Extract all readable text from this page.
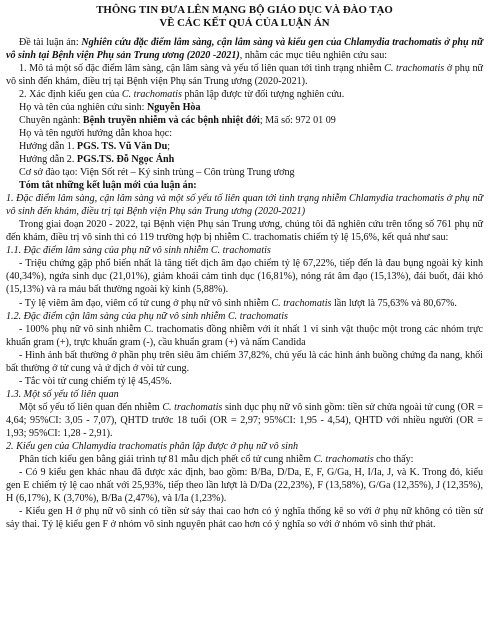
THÔNG TIN ĐƯA LÊN MẠNG BỘ GIÁO DỤC VÀ ĐÀO TẠO

VỀ CÁC KẾT QUẢ CỦA LUẬN ÁN

Đề tài luận án: Nghiên cứu đặc điểm lâm sàng, cận lâm sàng và kiểu gen của Chlamydia trachomatis ở phụ nữ vô sinh tại Bệnh viện Phụ sản Trung ương (2020 -2021), nhằm các mục tiêu nghiên cứu sau:

1. Mô tả một số đặc điểm lâm sàng, cận lâm sàng và yếu tố liên quan tới tình trạng nhiễm C. trachomatis ở phụ nữ vô sinh đến khám, điều trị tại Bệnh viện Phụ sản Trung ương (2020-2021).

2. Xác định kiểu gen của C. trachomatis phân lập được từ đối tượng nghiên cứu.

Họ và tên của nghiên cứu sinh: Nguyễn Hòa

Chuyên ngành: Bệnh truyền nhiễm và các bệnh nhiệt đới; Mã số: 972 01 09

Họ và tên người hướng dẫn khoa học:

Hướng dẫn 1. PGS. TS. Vũ Văn Du;

Hướng dẫn 2. PGS.TS. Đỗ Ngọc Ánh

Cơ sở đào tạo: Viện Sốt rét – Ký sinh trùng – Côn trùng Trung ương

Tóm tắt những kết luận mới của luận án:

1. Đặc điểm lâm sàng, cận lâm sàng và một số yếu tố liên quan tới tình trạng nhiễm Chlamydia trachomatis ở phụ nữ vô sinh đến khám, điều trị tại Bệnh viện Phụ sản Trung ương (2020-2021)

Trong giai đoạn 2020 - 2022, tại Bệnh viện Phụ sản Trung ương, chúng tôi đã nghiên cứu trên tổng số 761 phụ nữ đến khám, điều trị vô sinh thì có 119 trường hợp bị nhiễm C. trachomatis chiếm tỷ lệ 15,6%, kết quả như sau:

1.1. Đặc điểm lâm sàng của phụ nữ vô sinh nhiễm C. trachomatis

- Triệu chứng gặp phổ biến nhất là tăng tiết dịch âm đạo chiếm tỷ lệ 67,22%, tiếp đến là đau bụng ngoài kỳ kinh (40,34%), ngứa sinh dục (21,01%), giảm khoái cảm tình dục (16,81%), nóng rát âm đạo (15,13%), đái buốt, đái khó (15,13%) và ra máu bất thường ngoài kỳ kinh (5,88%).

- Tỷ lệ viêm âm đạo, viêm cổ tử cung ở phụ nữ vô sinh nhiễm C. trachomatis lần lượt là 75,63% và 80,67%.

1.2. Đặc điểm cận lâm sàng của phụ nữ vô sinh nhiễm C. trachomatis

- 100% phụ nữ vô sinh nhiễm C. trachomatis đồng nhiễm với ít nhất 1 vi sinh vật thuộc một trong các nhóm trực khuẩn gram (+), trực khuẩn gram (-), cầu khuẩn gram (+) và nấm Candida

- Hình ảnh bất thường ở phần phụ trên siêu âm chiếm 37,82%, chủ yếu là các hình ảnh buồng chứng đa nang, khối bất thường ở tử cung và ứ dịch ở vòi tử cung.

- Tắc vòi tử cung chiếm tỷ lệ 45,45%.

1.3. Một số yếu tố liên quan

Một số yếu tố liên quan đến nhiễm C. trachomatis sinh dục phụ nữ vô sinh gồm: tiền sử chửa ngoài tử cung (OR = 4,64; 95%CI: 3,05 - 7,07), QHTD trước 18 tuổi (OR = 2,97; 95%CI: 1,95 - 4,54), QHTD với nhiều người (OR = 1,93; 95%CI: 1,28 - 2,91).

2. Kiểu gen của Chlamydia trachomatis phân lập được ở phụ nữ vô sinh

Phân tích kiểu gen bằng giải trình tự 81 mẫu dịch phết cổ tử cung nhiễm C. trachomatis cho thấy:

- Có 9 kiểu gen khác nhau đã được xác định, bao gồm: B/Ba, D/Da, E, F, G/Ga, H, I/Ia, J, và K. Trong đó, kiểu gen E chiếm tỷ lệ cao nhất với 25,93%, tiếp theo lần lượt là D/Da (22,23%), F (13,58%), G/Ga (12,35%), J (12,35%), H (6,17%), K (3,70%), B/Ba (2,47%), và I/Ia (1,23%).

- Kiểu gen H ở phụ nữ vô sinh có tiền sử sảy thai cao hơn có ý nghĩa thống kê so với ở phụ nữ không có tiền sử sảy thai. Tỷ lệ kiểu gen F ở nhóm vô sinh nguyên phát cao hơn có ý nghĩa so với ở nhóm vô sinh thứ phát.
